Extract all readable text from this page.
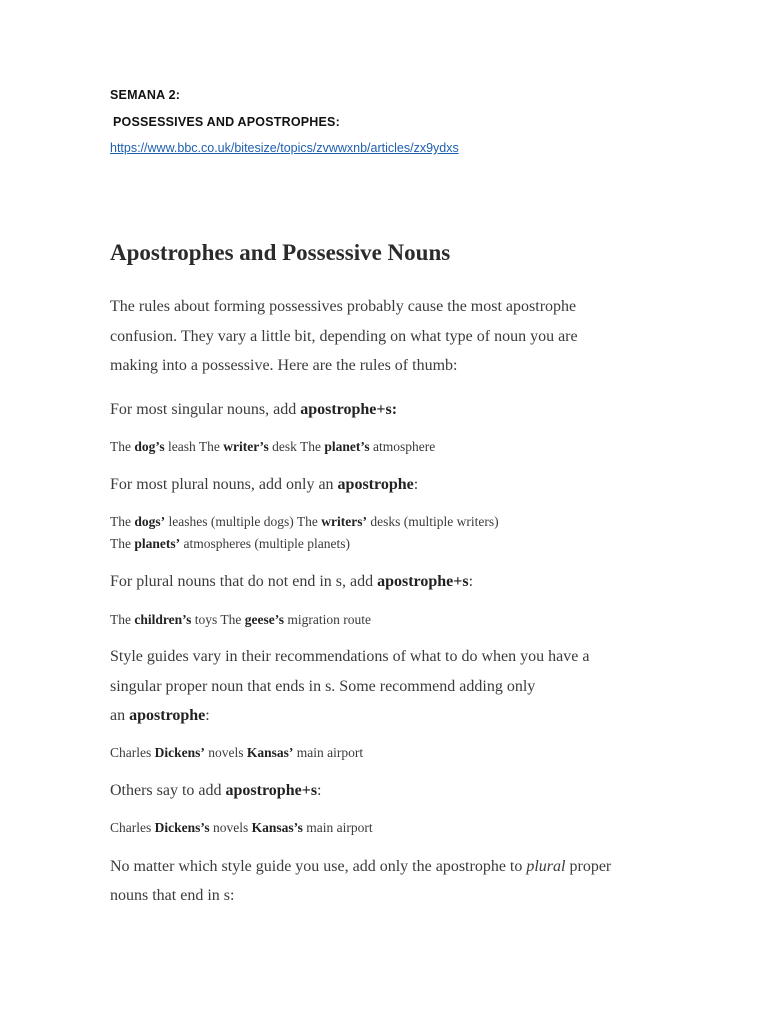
SEMANA 2:
POSSESSIVES AND APOSTROPHES:
https://www.bbc.co.uk/bitesize/topics/zvwwxnb/articles/zx9ydxs
Apostrophes and Possessive Nouns
The rules about forming possessives probably cause the most apostrophe
confusion. They vary a little bit, depending on what type of noun you are
making into a possessive. Here are the rules of thumb:
For most singular nouns, add apostrophe+s:
The dog’s leash The writer’s desk The planet’s atmosphere
For most plural nouns, add only an apostrophe:
The dogs’ leashes (multiple dogs) The writers’ desks (multiple writers)
The planets’ atmospheres (multiple planets)
For plural nouns that do not end in s, add apostrophe+s:
The children’s toys The geese’s migration route
Style guides vary in their recommendations of what to do when you have a
singular proper noun that ends in s. Some recommend adding only
an apostrophe:
Charles Dickens’ novels Kansas’ main airport
Others say to add apostrophe+s:
Charles Dickens’s novels Kansas’s main airport
No matter which style guide you use, add only the apostrophe to plural proper
nouns that end in s:
